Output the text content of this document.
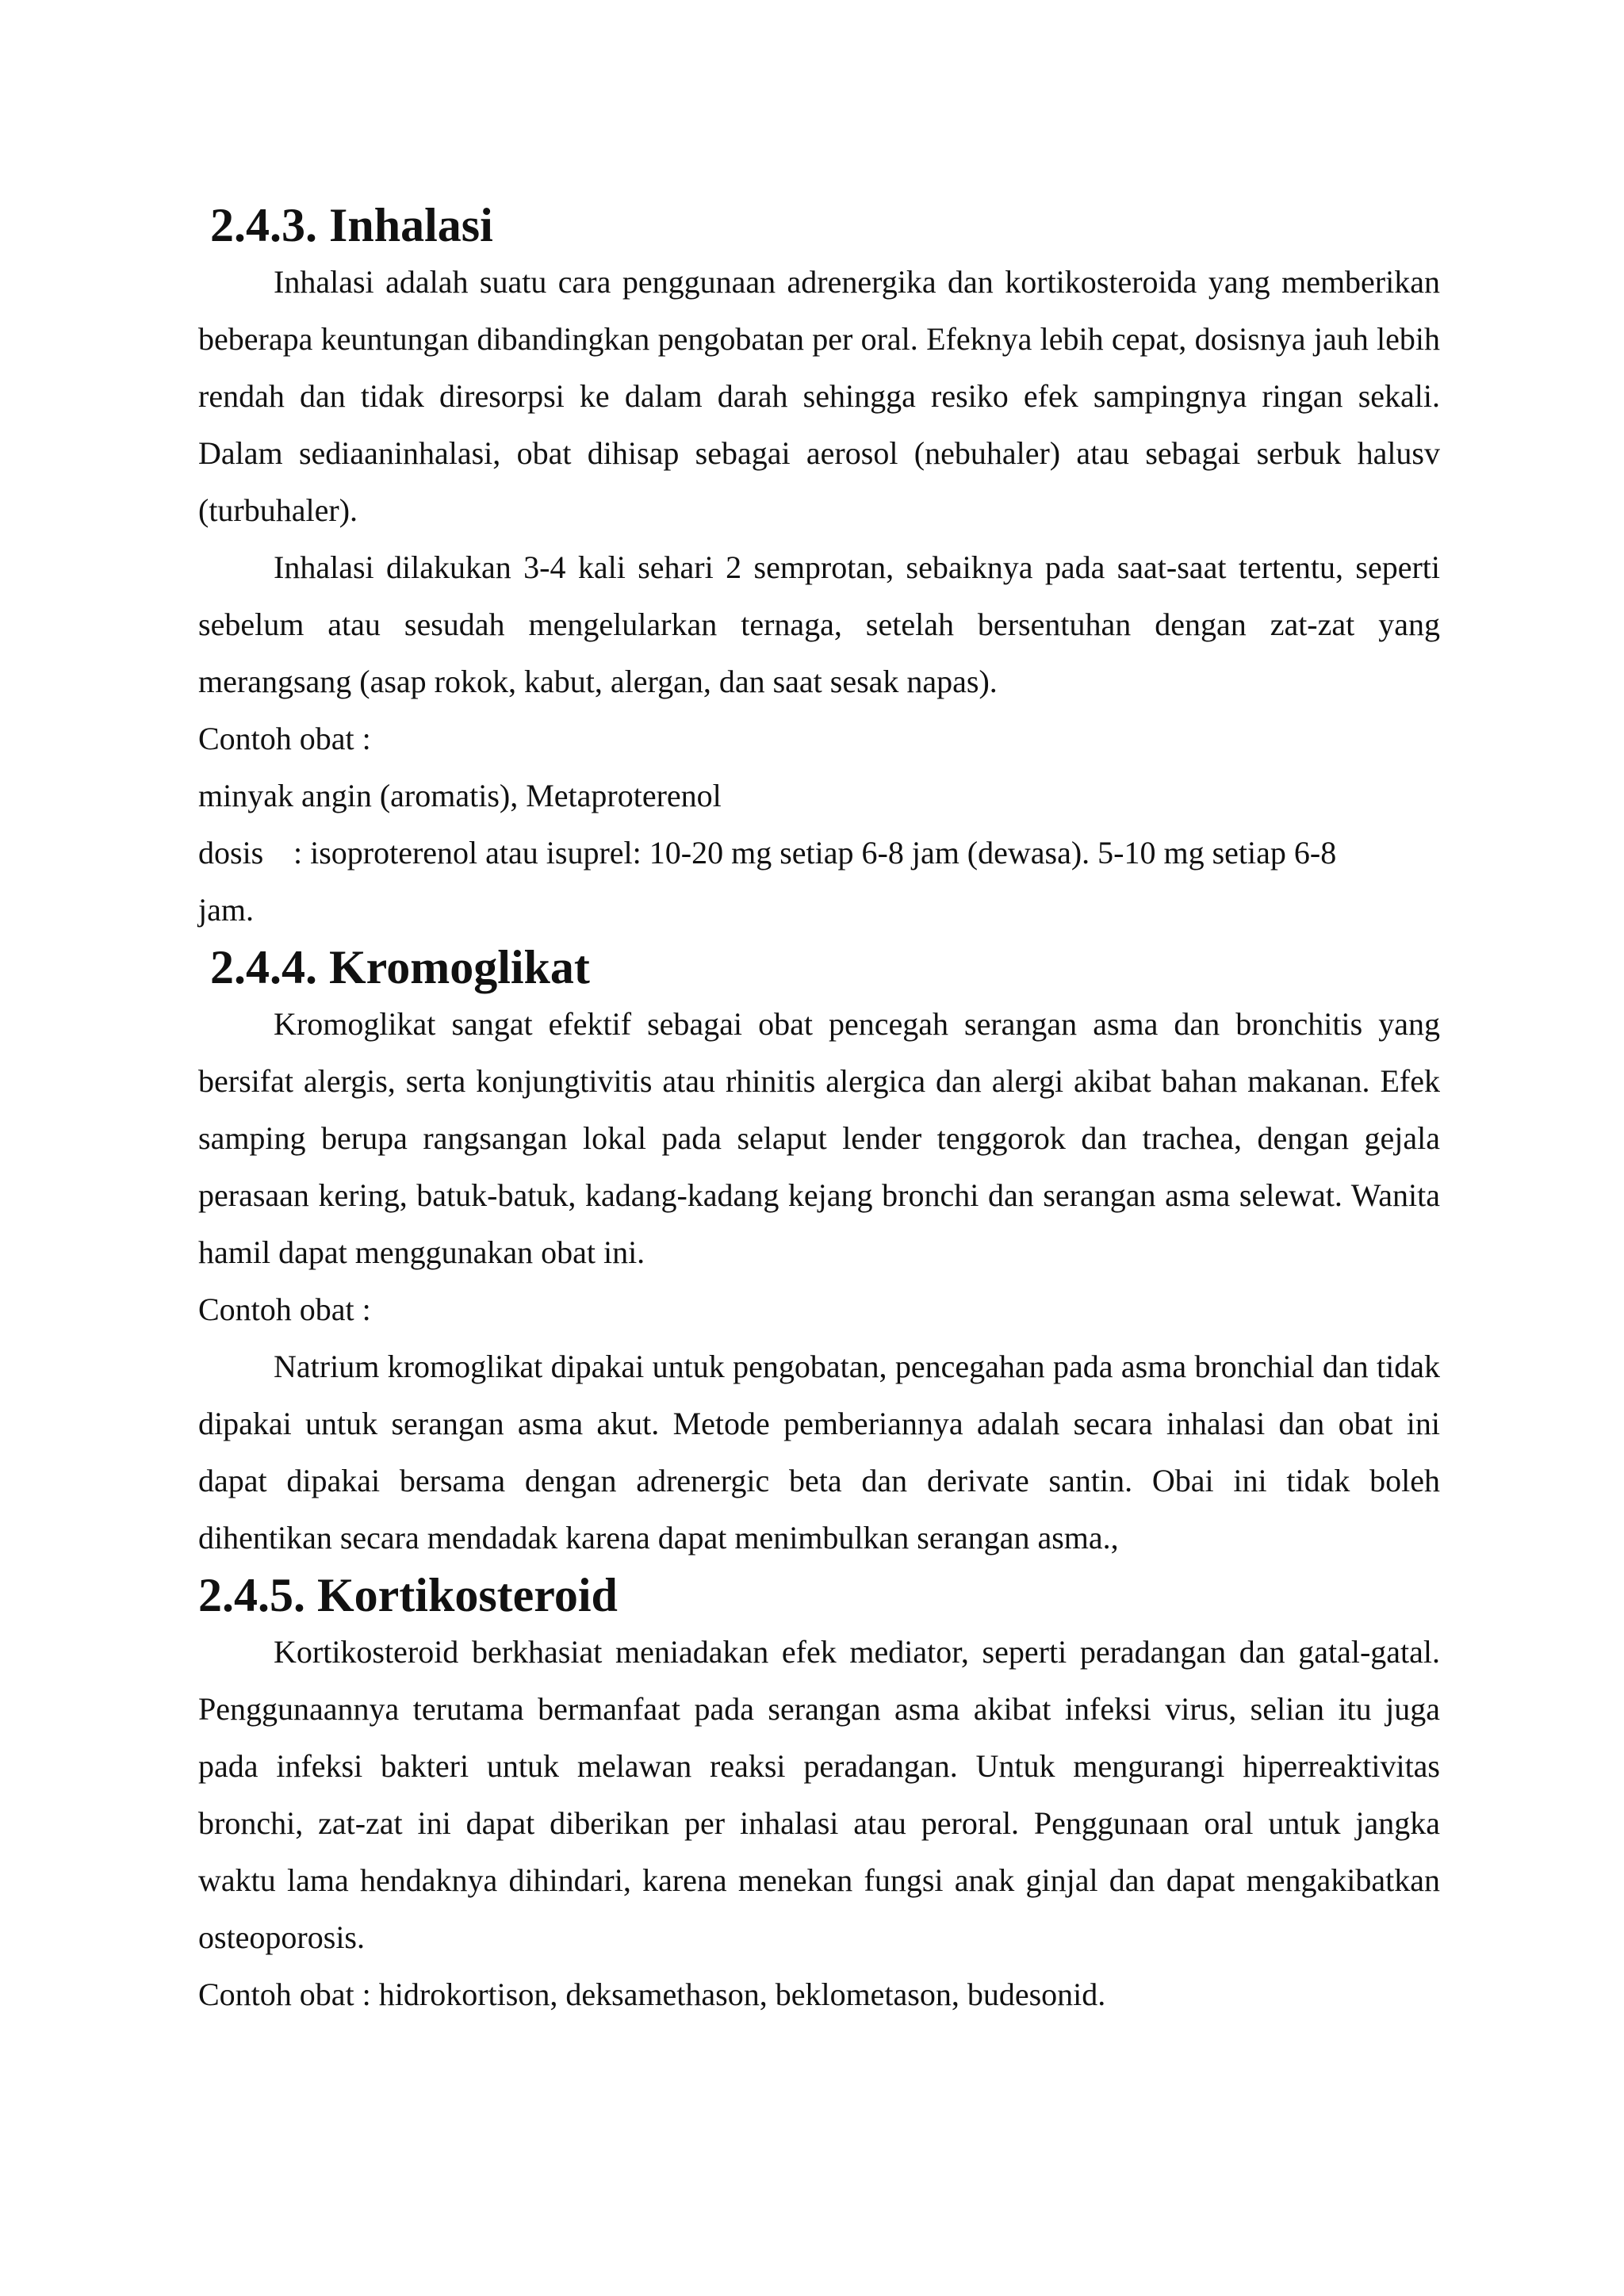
2.4.3. Inhalasi

Inhalasi adalah suatu cara penggunaan adrenergika dan kortikosteroida yang memberikan beberapa keuntungan dibandingkan pengobatan per oral. Efeknya lebih cepat, dosisnya jauh lebih rendah dan tidak diresorpsi ke dalam darah sehingga resiko efek sampingnya ringan sekali. Dalam sediaaninhalasi, obat dihisap sebagai aerosol (nebuhaler) atau sebagai serbuk halusv (turbuhaler).

Inhalasi dilakukan 3-4 kali sehari 2 semprotan, sebaiknya pada saat-saat tertentu, seperti sebelum atau sesudah mengelularkan ternaga, setelah bersentuhan dengan zat-zat yang merangsang (asap rokok, kabut, alergan, dan saat sesak napas).

Contoh obat :

minyak angin (aromatis), Metaproterenol

dosis : isoproterenol atau isuprel: 10-20 mg setiap 6-8 jam (dewasa). 5-10 mg setiap 6-8

jam.

2.4.4. Kromoglikat

Kromoglikat sangat efektif sebagai obat pencegah serangan asma dan bronchitis yang bersifat alergis, serta konjungtivitis atau rhinitis alergica dan alergi akibat bahan makanan. Efek samping berupa rangsangan lokal pada selaput lender tenggorok dan trachea, dengan gejala perasaan kering, batuk-batuk, kadang-kadang kejang bronchi dan serangan asma selewat. Wanita hamil dapat menggunakan obat ini.

Contoh obat :

Natrium kromoglikat dipakai untuk pengobatan, pencegahan pada asma bronchial dan tidak dipakai untuk serangan asma akut. Metode pemberiannya adalah secara inhalasi dan obat ini dapat dipakai bersama dengan adrenergic beta dan derivate santin. Obai ini tidak boleh dihentikan secara mendadak karena dapat menimbulkan serangan asma.,

2.4.5. Kortikosteroid

Kortikosteroid berkhasiat meniadakan efek mediator, seperti peradangan dan gatal-gatal. Penggunaannya terutama bermanfaat pada serangan asma akibat infeksi virus, selian itu juga pada infeksi bakteri untuk melawan reaksi peradangan. Untuk mengurangi hiperreaktivitas bronchi, zat-zat ini dapat diberikan per inhalasi atau peroral. Penggunaan oral untuk jangka waktu lama hendaknya dihindari, karena menekan fungsi anak ginjal dan dapat mengakibatkan osteoporosis.

Contoh obat : hidrokortison, deksamethason, beklometason, budesonid.
